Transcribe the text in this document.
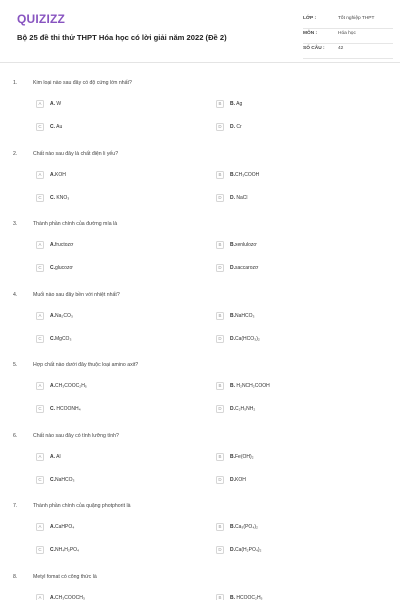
QUIZIZZ
Bộ 25 đề thi thử THPT Hóa học có lời giải năm 2022 (Đề 2)
LỚP :	Tốt nghiệp THPT
MÔN :	Hóa học
SỐ CÂU :	42
1.	Kim loại nào sau đây có độ cứng lớn nhất?
A	A. W	B	B. Ag
C	C. Au	D	D. Cr
2.	Chất nào sau đây là chất điện li yếu?
A	A.KOH	B	B.CH₃COOH
C	C. KNO₃	D	D. NaCl
3.	Thành phần chính của đường mía là
A	A.fructozơ	B	B.xenlulozơ
C	C.glucozơ	D	D.saccarozơ
4.	Muối nào sau đây bền với nhiệt nhất?
A	A.Na₂CO₃	B	B.NaHCO₃
C	C.MgCO₃	D	D.Ca(HCO₃)₂
5.	Hợp chất nào dưới đây thuộc loại amino axit?
A	A.CH₃COOC₂H₅	B	B. H₂NCH₂COOH
C	C. HCOONH₄	D	D.C₂H₅NH₂
6.	Chất nào sau đây có tính lưỡng tính?
A	A. Al	B	B.Fe(OH)₂
C	C.NaHCO₃	D	D.KOH
7.	Thành phần chính của quặng photphorit là
A	A.CaHPO₄	B	B.Ca₃(PO₄)₂
C	C.NH₄H₂PO₄	D	D.Ca(H₂PO₄)₂
8.	Metyl fomat có công thức là
A	A.CH₃COOCH₃	B	B. HCOOC₂H₅
